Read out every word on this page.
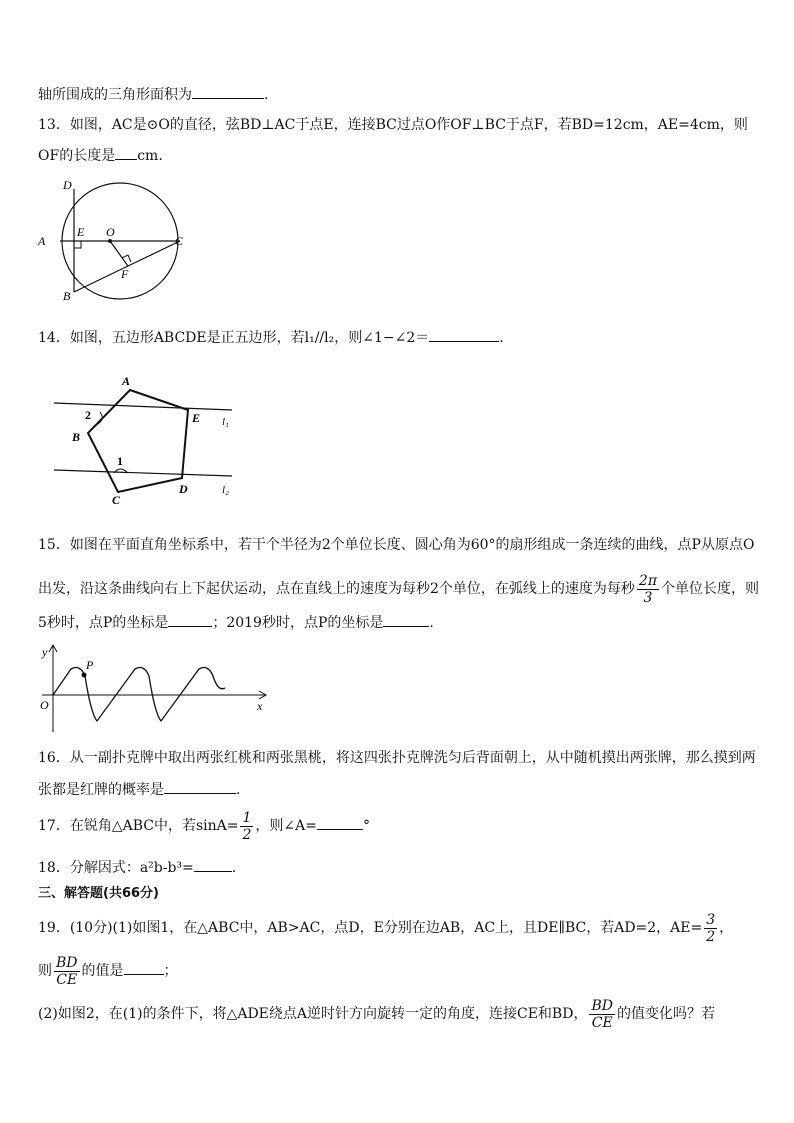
轴所围成的三角形面积为	.
13．如图，AC是⊙O的直径，弦BD⊥AC于点E，连接BC过点O作OF⊥BC于点F，若BD=12cm，AE=4cm，则
OF的长度是 cm.
D
E O
A	C
F
B
14．如图，五边形ABCDE是正五边形，若l₁//l₂，则∠1−∠2＝	.
A
2
B
E l₁
1
C
D	l₂
15．如图在平面直角坐标系中，若干个半径为2个单位长度、圆心角为60°的扇形组成一条连续的曲线，点P从原点O
出发，沿这条曲线向右上下起伏运动，点在直线上的速度为每秒2个单位，在弧线上的速度为每秒 $\frac{2\pi}{3}$ 个单位长度，则
5秒时，点P的坐标是	；2019秒时，点P的坐标是	.
y
P
O	x
16．从一副扑克牌中取出两张红桃和两张黑桃，将这四张扑克牌洗匀后背面朝上，从中随机摸出两张牌，那么摸到两
张都是红牌的概率是	.
17．在锐角△ABC中，若$\sin A= \frac{1}{2}$ ，则∠A=	°
18．分解因式：a²b-b³=	.
三、解答题(共66分)
19．(10分)(1)如图1，在△ABC中，AB>AC，点D，E分别在边AB，AC上，且DE∥BC，若AD=2，$AE= \frac{3}{2}$ ，
则 $\frac{BD}{CE}$ 的值是	；
(2)如图2，在(1)的条件下，将△ADE绕点A逆时针方向旋转一定的角度，连接CE和BD， $\frac{BD}{CE}$ 的值变化吗？若
